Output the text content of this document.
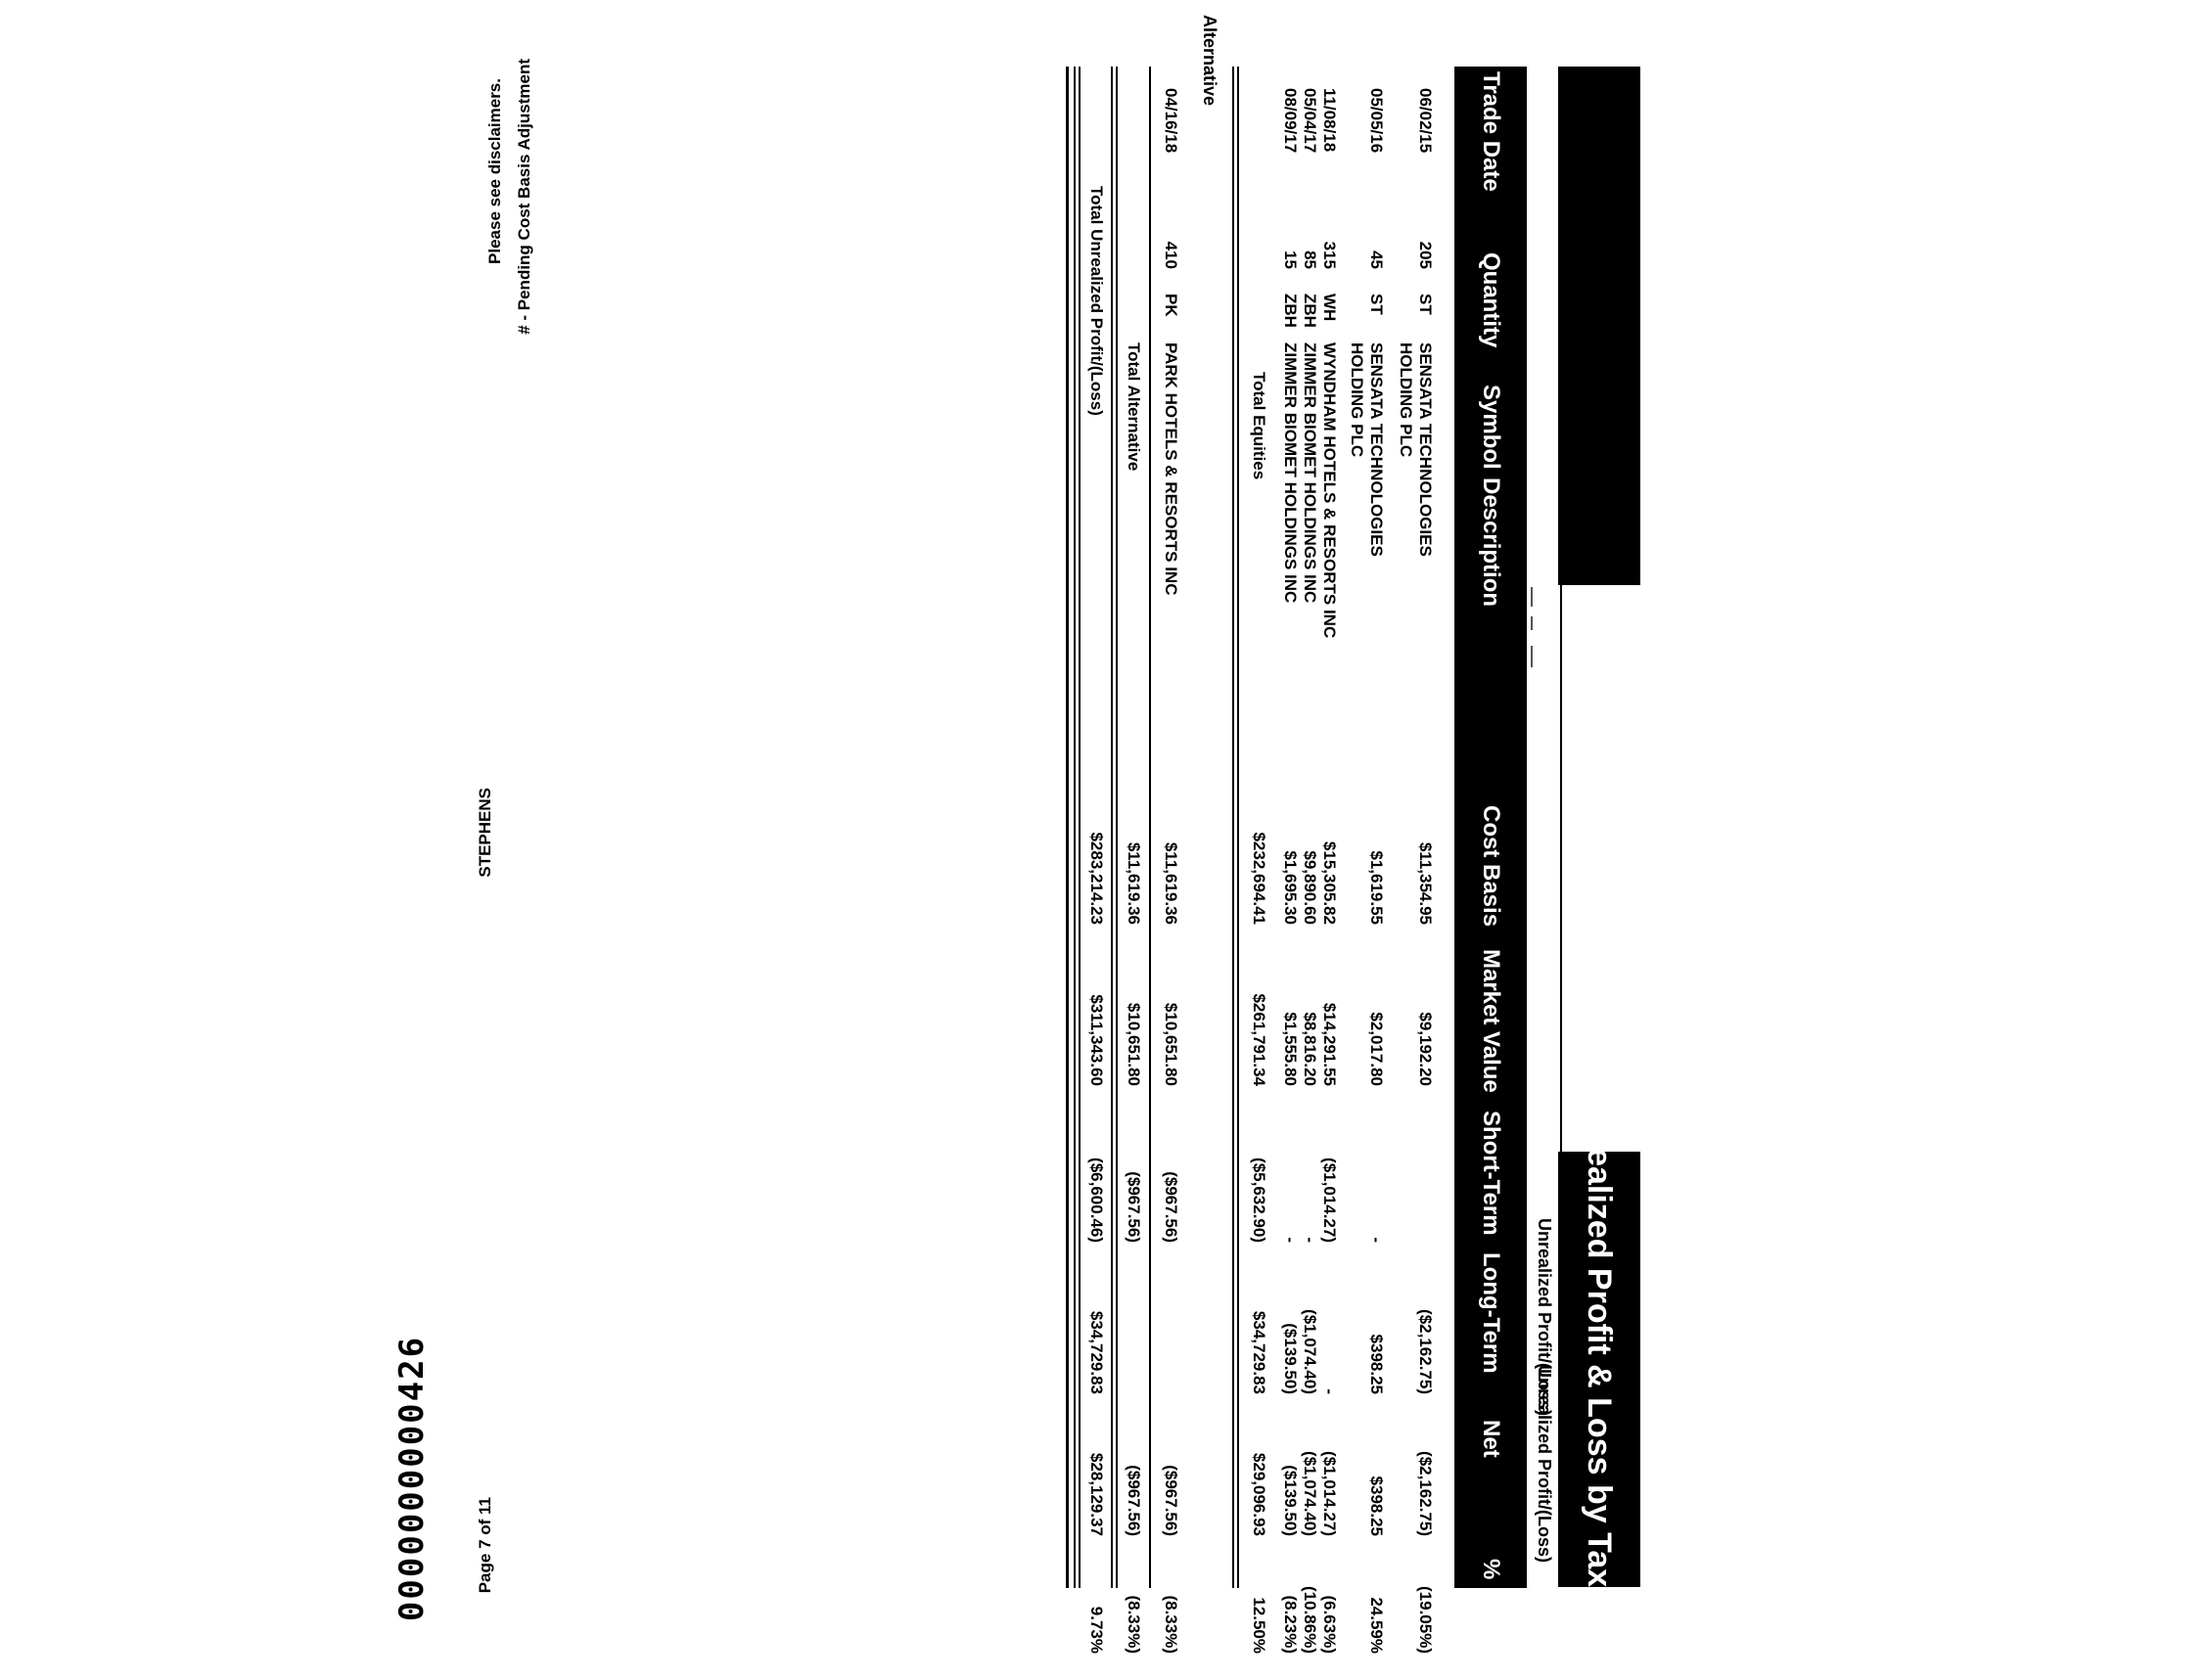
Unrealized Profit & Loss by Tax Lot
0000000000426
Unrealized Profit/(Loss)
Unrealized Profit/(Loss)
Trade Date
Quantity
Symbol
Description
Cost Basis
Market Value
Short-Term
Long-Term
Net
%
06/02/15
205
ST
SENSATA TECHNOLOGIES HOLDING PLC
$11,354.95
$9,192.20
($2,162.75)
($2,162.75)
(19.05%)
05/05/16
45
ST
SENSATA TECHNOLOGIES HOLDING PLC
$1,619.55
$2,017.80
-
$398.25
$398.25
24.59%
11/08/18
315
WH
WYNDHAM HOTELS & RESORTS INC
$15,305.82
$14,291.55
($1,014.27)
-
($1,014.27)
(6.63%)
05/04/17
85
ZBH
ZIMMER BIOMET HOLDINGS INC
$9,890.60
$8,816.20
-
($1,074.40)
($1,074.40)
(10.86%)
08/09/17
15
ZBH
ZIMMER BIOMET HOLDINGS INC
$1,695.30
$1,555.80
-
($139.50)
($139.50)
(8.23%)
Total Equities
$232,694.41
$261,791.34
($5,632.90)
$34,729.83
$29,096.93
12.50%
Alternative
04/16/18
410
PK
PARK HOTELS & RESORTS INC
$11,619.36
$10,651.80
($967.56)
($967.56)
(8.33%)
Total Alternative
$11,619.36
$10,651.80
($967.56)
($967.56)
(8.33%)
Total Unrealized Profit/(Loss)
$283,214.23
$311,343.60
($6,600.46)
$34,729.83
$28,129.37
9.73%
# - Pending Cost Basis Adjustment
Please see disclaimers.
STEPHENS
Page 7 of 11
